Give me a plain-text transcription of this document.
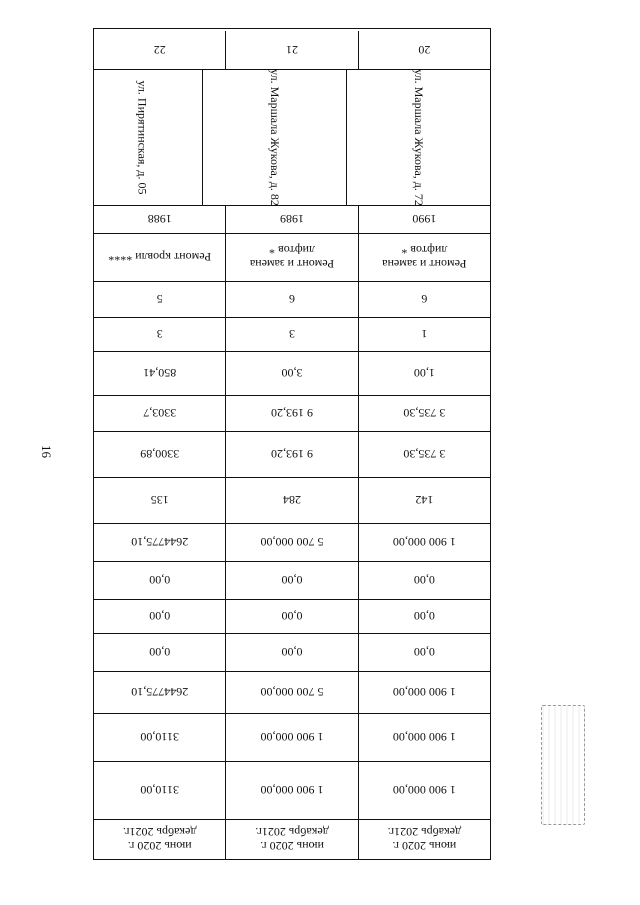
16
июнь 2020 г.
декабрь 2021г.
июнь 2020 г.
декабрь 2021г.
июнь 2020 г.
декабрь 2021г.
1 900 000,00
1 900 000,00
3110,00
1 900 000,00
1 900 000,00
3110,00
1 900 000,00
5 700 000,00
2644775,10
0,00
0,00
0,00
0,00
0,00
0,00
0,00
0,00
0,00
1 900 000,00
5 700 000,00
2644775,10
142
284
135
3 735,30
9 193,20
3300,89
3 735,30
9 193,20
3303,7
1,00
3,00
850,41
1
3
3
6
6
5
Ремонт и замена
лифтов *
Ремонт и замена
лифтов *
Ремонт кровли ****
1990
1989
1988
ул. Маршала Жукова, д. 72
ул. Маршала Жукова, д. 82
ул. Пирятинская, д. 05
20
21
22
